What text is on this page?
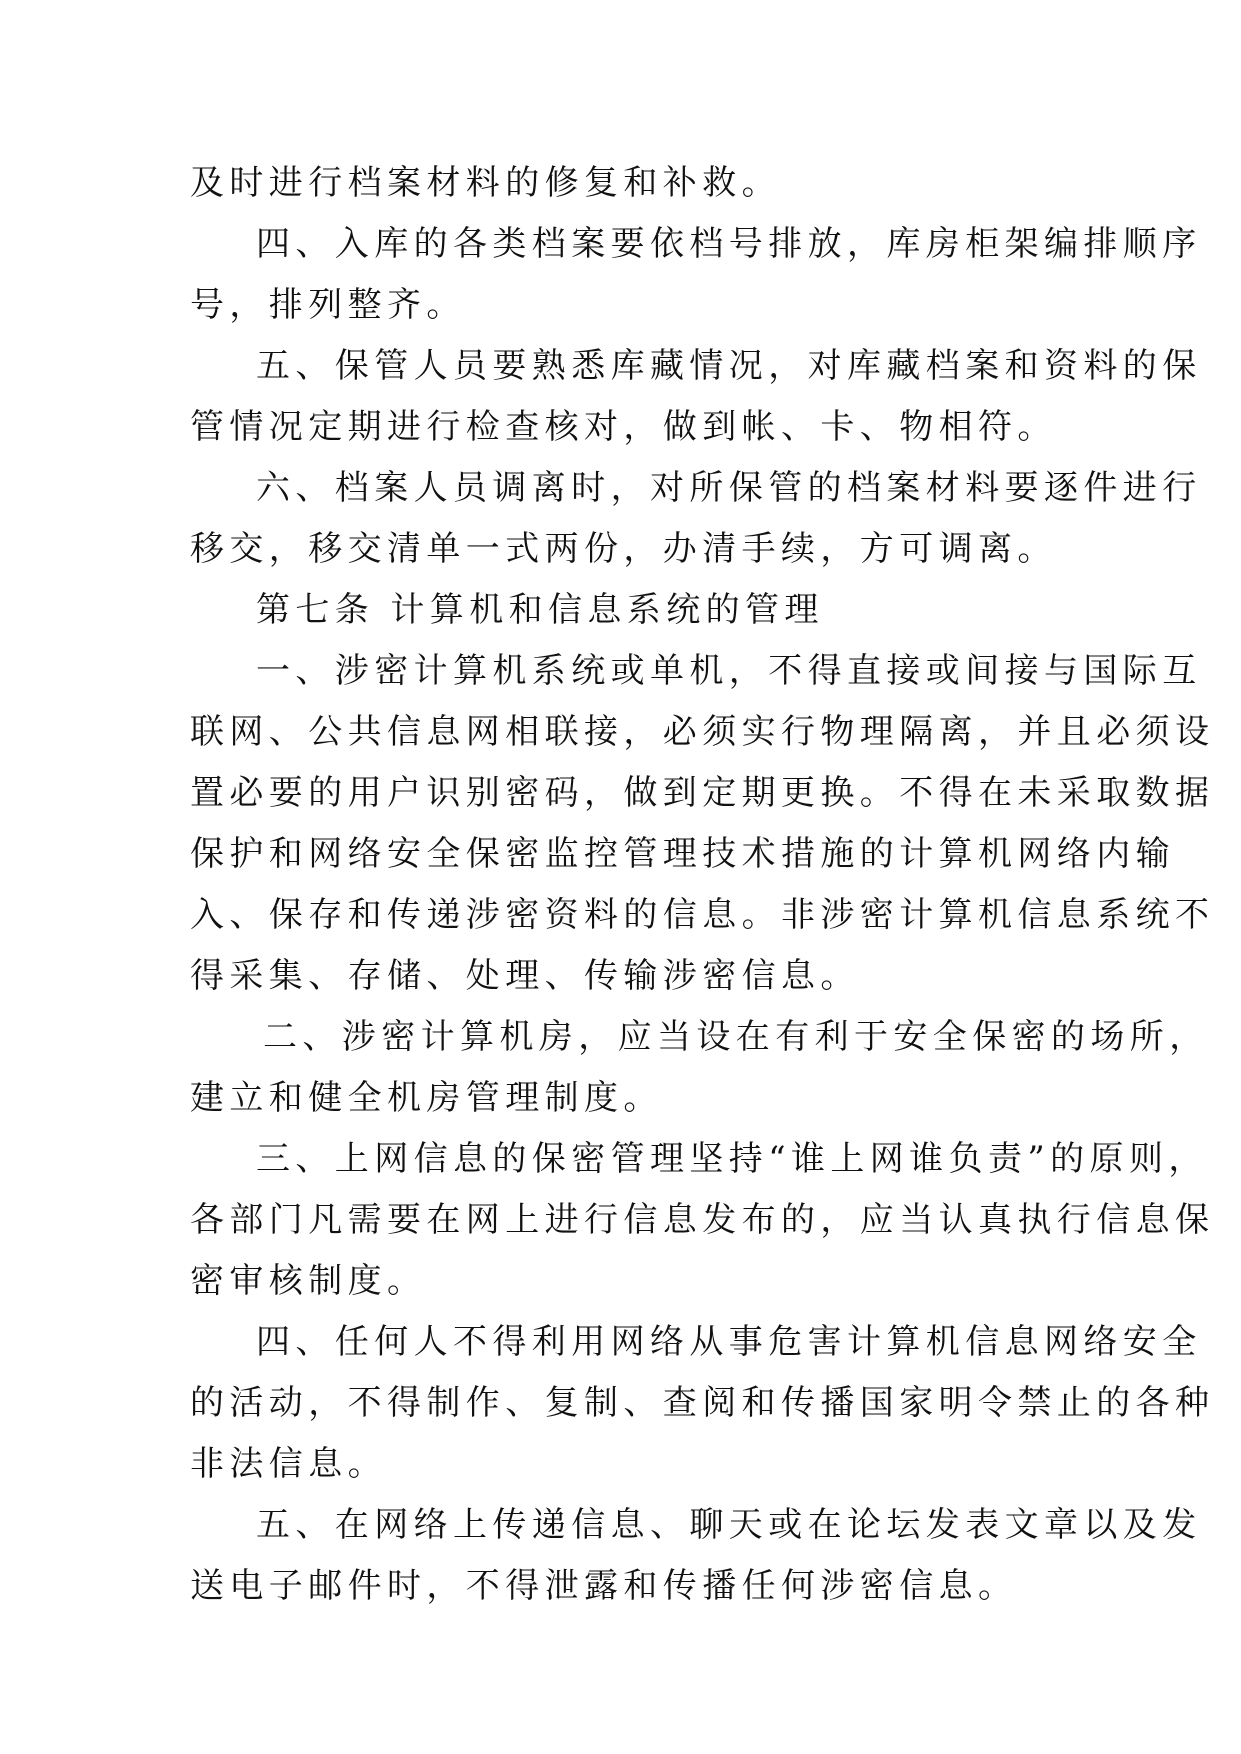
及时进行档案材料的修复和补救。
四、入库的各类档案要依档号排放，库房柜架编排顺序
号，排列整齐。
五、保管人员要熟悉库藏情况，对库藏档案和资料的保
管情况定期进行检查核对，做到帐、卡、物相符。
六、档案人员调离时，对所保管的档案材料要逐件进行
移交，移交清单一式两份，办清手续，方可调离。
第七条 计算机和信息系统的管理
一、涉密计算机系统或单机，不得直接或间接与国际互
联网、公共信息网相联接，必须实行物理隔离，并且必须设
置必要的用户识别密码，做到定期更换。不得在未采取数据
保护和网络安全保密监控管理技术措施的计算机网络内输
入、保存和传递涉密资料的信息。非涉密计算机信息系统不
得采集、存储、处理、传输涉密信息。
二、涉密计算机房，应当设在有利于安全保密的场所，
建立和健全机房管理制度。
三、上网信息的保密管理坚持“谁上网谁负责”的原则，
各部门凡需要在网上进行信息发布的，应当认真执行信息保
密审核制度。
四、任何人不得利用网络从事危害计算机信息网络安全
的活动，不得制作、复制、查阅和传播国家明令禁止的各种
非法信息。
五、在网络上传递信息、聊天或在论坛发表文章以及发
送电子邮件时，不得泄露和传播任何涉密信息。
